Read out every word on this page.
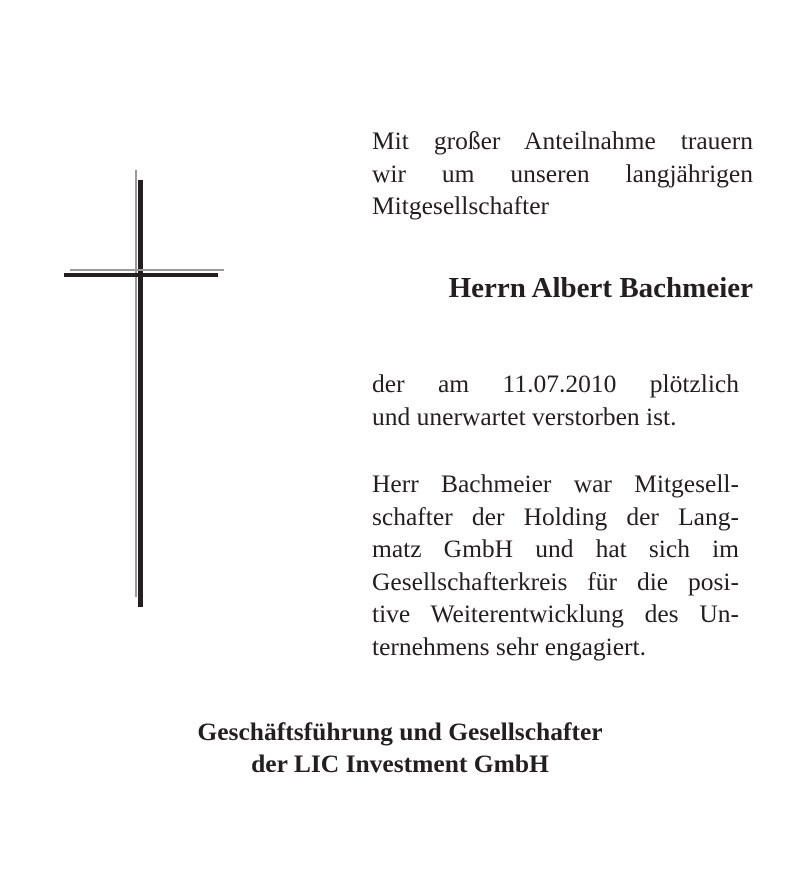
Mit großer Anteilnahme trauern
wir um unseren langjährigen
Mitgesellschafter
Herrn Albert Bachmeier
der am 11.07.2010 plötzlich
und unerwartet verstorben ist.
Herr Bachmeier war Mitgesell-
schafter der Holding der Lang-
matz GmbH und hat sich im
Gesellschafterkreis für die posi-
tive Weiterentwicklung des Un-
ternehmens sehr engagiert.
Geschäftsführung und Gesellschafter
der LIC Investment GmbH
